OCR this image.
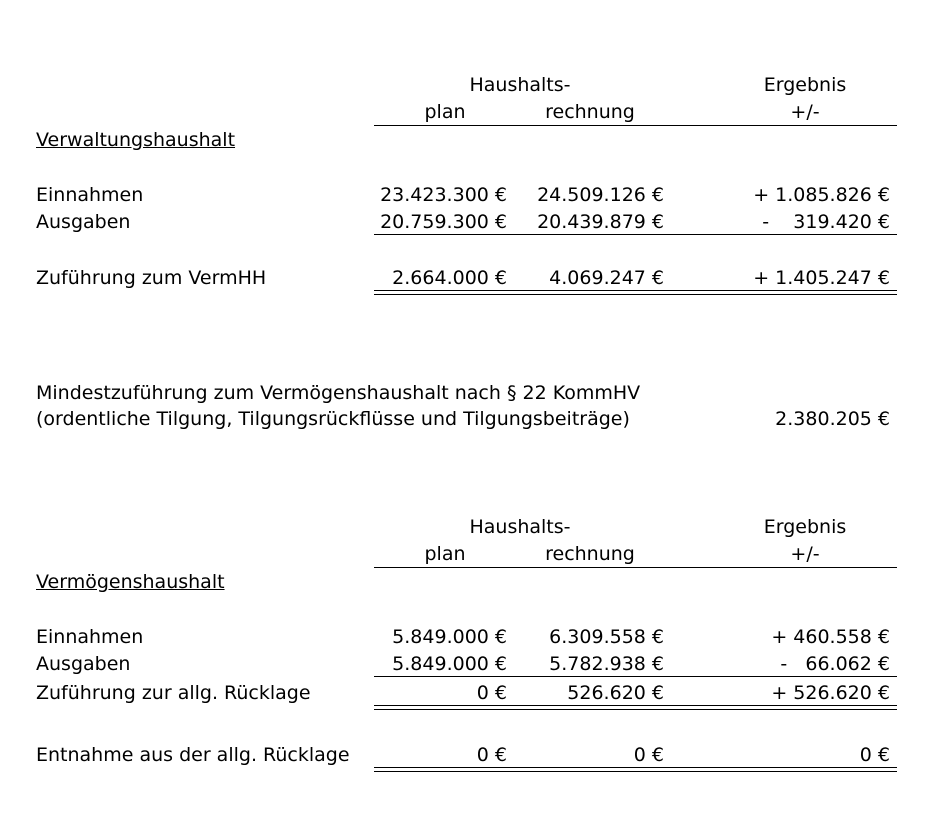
Haushalts-	Ergebnis
plan	rechnung	+/-
Verwaltungshaushalt
Einnahmen	23.423.300 €	24.509.126 €	+ 1.085.826 €
Ausgaben	20.759.300 €	20.439.879 €	-    319.420 €
Zuführung zum VermHH	2.664.000 €	4.069.247 €	+ 1.405.247 €
Mindestzuführung zum Vermögenshaushalt nach § 22 KommHV
(ordentliche Tilgung, Tilgungsrückflüsse und Tilgungsbeiträge)	2.380.205 €
Haushalts-	Ergebnis
plan	rechnung	+/-
Vermögenshaushalt
Einnahmen	5.849.000 €	6.309.558 €	+ 460.558 €
Ausgaben	5.849.000 €	5.782.938 €	-   66.062 €
Zuführung zur allg. Rücklage	0 €	526.620 €	+ 526.620 €
Entnahme aus der allg. Rücklage	0 €	0 €	0 €
